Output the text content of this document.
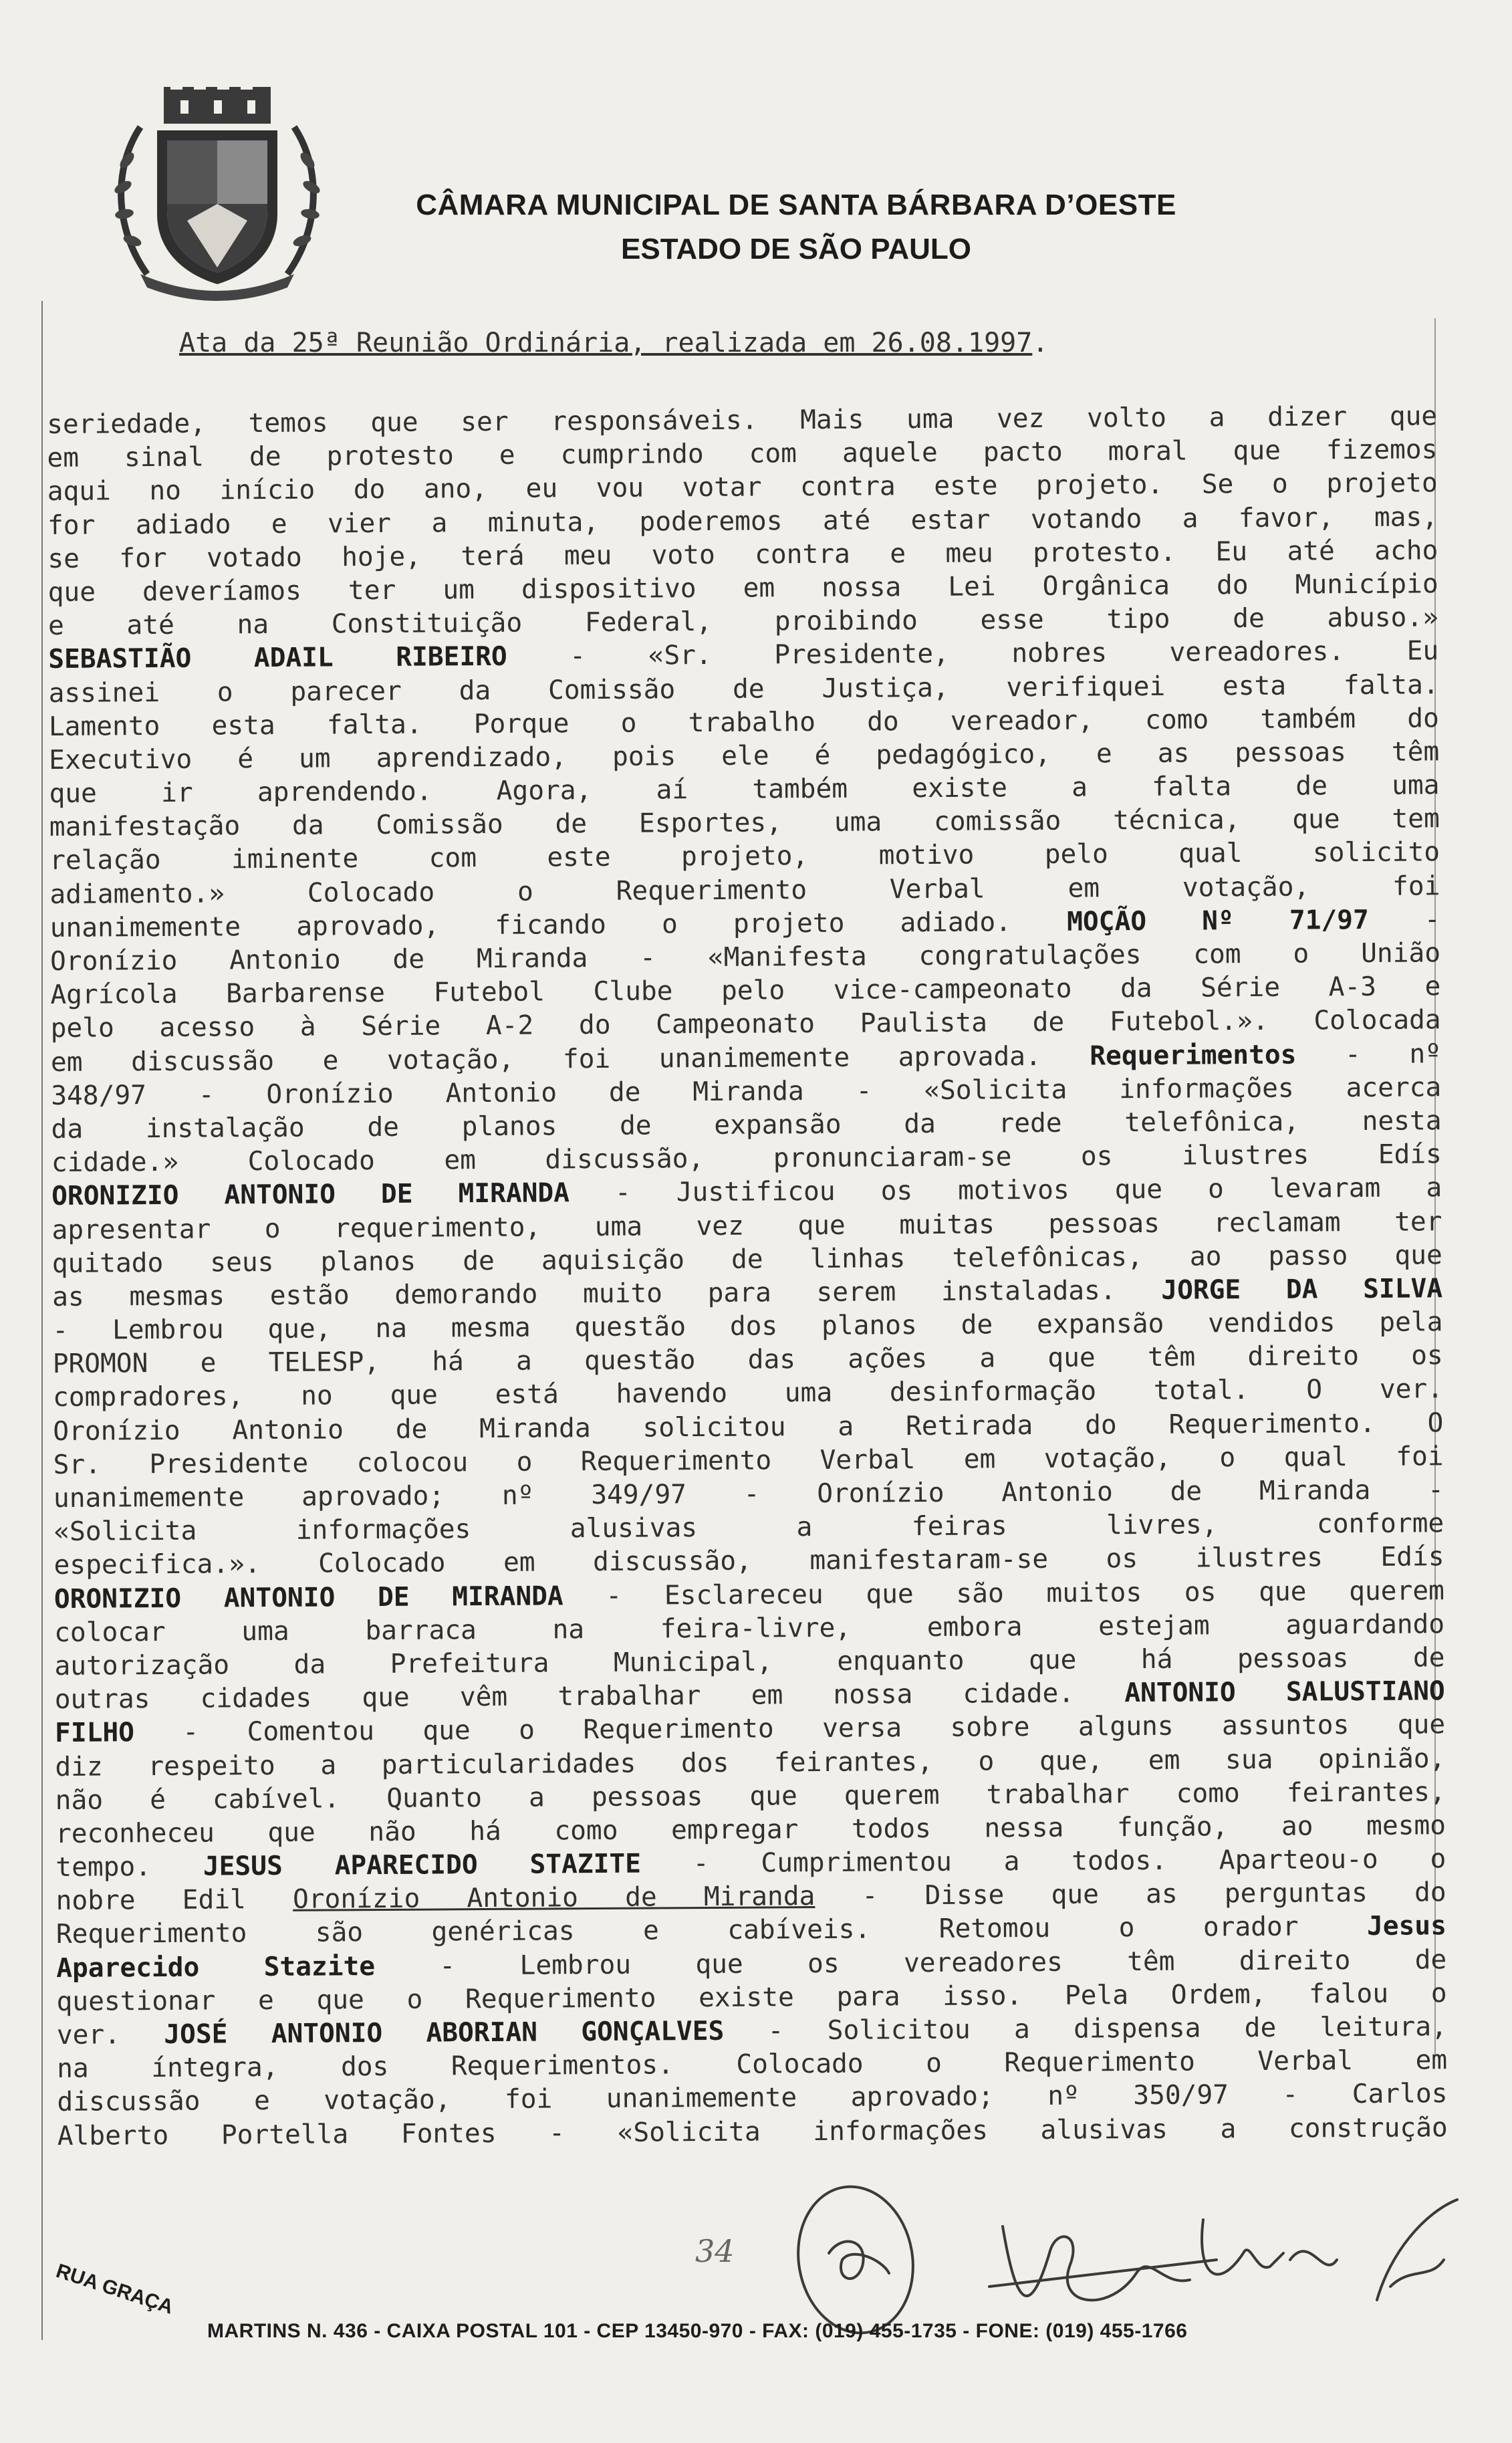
CÂMARA MUNICIPAL DE SANTA BÁRBARA D’OESTE
ESTADO DE SÃO PAULO
Ata da 25ª Reunião Ordinária, realizada em 26.08.1997.
seriedade, temos que ser responsáveis. Mais uma vez volto a dizer que
em sinal de protesto e cumprindo com aquele pacto moral que fizemos
aqui no início do ano, eu vou votar contra este projeto. Se o projeto
for adiado e vier a minuta, poderemos até estar votando a favor, mas,
se for votado hoje, terá meu voto contra e meu protesto. Eu até acho
que deveríamos ter um dispositivo em nossa Lei Orgânica do Município
e até na Constituição Federal, proibindo esse tipo de abuso.»
SEBASTIÃO ADAIL RIBEIRO - «Sr. Presidente, nobres vereadores. Eu
assinei o parecer da Comissão de Justiça, verifiquei esta falta.
Lamento esta falta. Porque o trabalho do vereador, como também do
Executivo é um aprendizado, pois ele é pedagógico, e as pessoas têm
que ir aprendendo. Agora, aí também existe a falta de uma
manifestação da Comissão de Esportes, uma comissão técnica, que tem
relação iminente com este projeto, motivo pelo qual solicito
adiamento.» Colocado o Requerimento Verbal em votação, foi
unanimemente aprovado, ficando o projeto adiado. MOÇÃO Nº 71/97 -
Oronízio Antonio de Miranda - «Manifesta congratulações com o União
Agrícola Barbarense Futebol Clube pelo vice-campeonato da Série A-3 e
pelo acesso à Série A-2 do Campeonato Paulista de Futebol.». Colocada
em discussão e votação, foi unanimemente aprovada. Requerimentos - nº
348/97 - Oronízio Antonio de Miranda - «Solicita informações acerca
da instalação de planos de expansão da rede telefônica, nesta
cidade.» Colocado em discussão, pronunciaram-se os ilustres Edís
ORONIZIO ANTONIO DE MIRANDA - Justificou os motivos que o levaram a
apresentar o requerimento, uma vez que muitas pessoas reclamam ter
quitado seus planos de aquisição de linhas telefônicas, ao passo que
as mesmas estão demorando muito para serem instaladas. JORGE DA SILVA
- Lembrou que, na mesma questão dos planos de expansão vendidos pela
PROMON e TELESP, há a questão das ações a que têm direito os
compradores, no que está havendo uma desinformação total. O ver.
Oronízio Antonio de Miranda solicitou a Retirada do Requerimento. O
Sr. Presidente colocou o Requerimento Verbal em votação, o qual foi
unanimemente aprovado; nº 349/97 - Oronízio Antonio de Miranda -
«Solicita informações alusivas a feiras livres, conforme
especifica.». Colocado em discussão, manifestaram-se os ilustres Edís
ORONIZIO ANTONIO DE MIRANDA - Esclareceu que são muitos os que querem
colocar uma barraca na feira-livre, embora estejam aguardando
autorização da Prefeitura Municipal, enquanto que há pessoas de
outras cidades que vêm trabalhar em nossa cidade. ANTONIO SALUSTIANO
FILHO - Comentou que o Requerimento versa sobre alguns assuntos que
diz respeito a particularidades dos feirantes, o que, em sua opinião,
não é cabível. Quanto a pessoas que querem trabalhar como feirantes,
reconheceu que não há como empregar todos nessa função, ao mesmo
tempo. JESUS APARECIDO STAZITE - Cumprimentou a todos. Aparteou-o o
nobre Edil Oronízio Antonio de Miranda - Disse que as perguntas do
Requerimento são genéricas e cabíveis. Retomou o orador Jesus
Aparecido Stazite - Lembrou que os vereadores têm direito de
questionar e que o Requerimento existe para isso. Pela Ordem, falou o
ver. JOSÉ ANTONIO ABORIAN GONÇALVES - Solicitou a dispensa de leitura,
na íntegra, dos Requerimentos. Colocado o Requerimento Verbal em
discussão e votação, foi unanimemente aprovado; nº 350/97 - Carlos
Alberto Portella Fontes - «Solicita informações alusivas a construção
34
RUA GRAÇA
MARTINS N. 436 - CAIXA POSTAL 101 - CEP 13450-970 - FAX: (019) 455-1735 - FONE: (019) 455-1766
